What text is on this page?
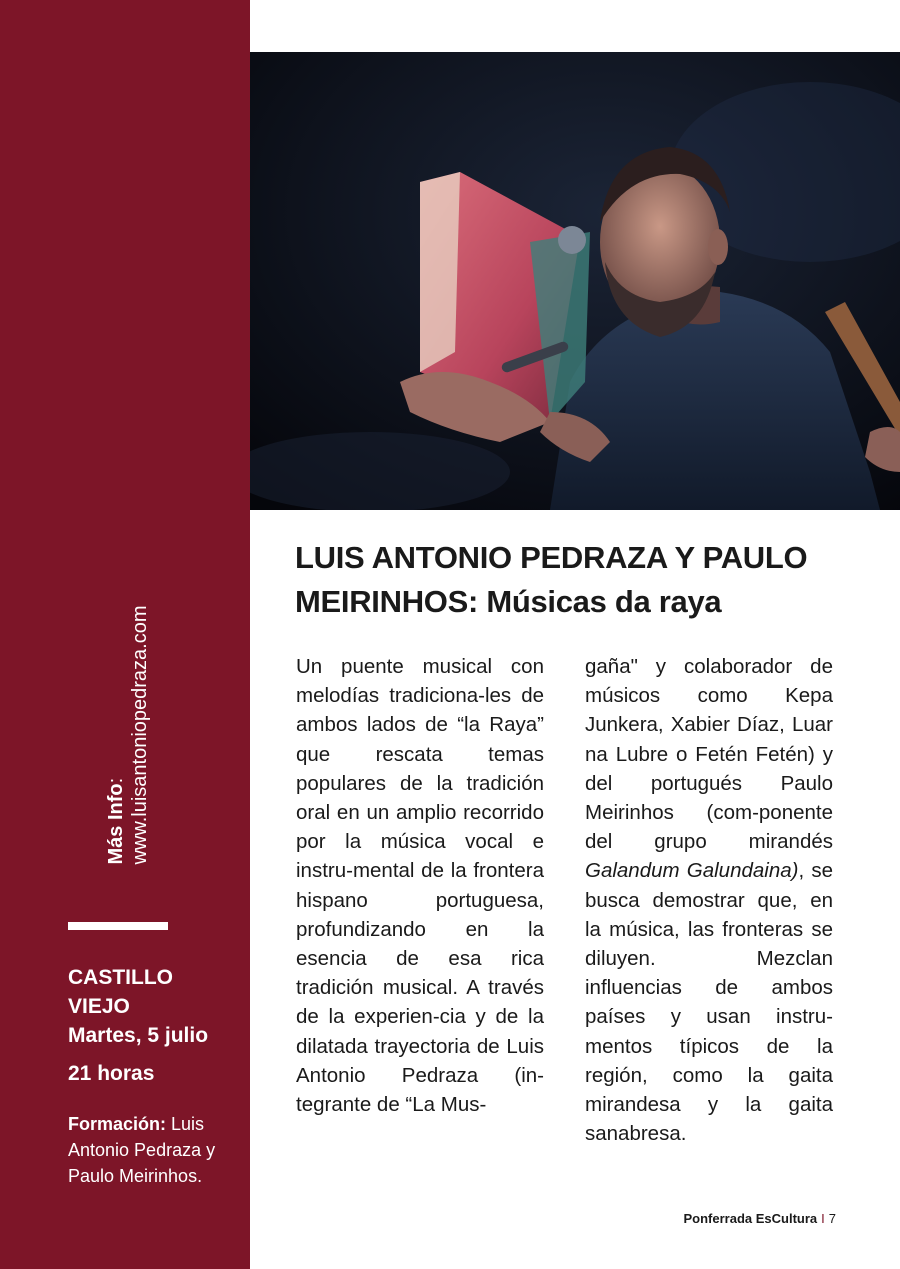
Más Info: www.luisantoniopedraza.com
CASTILLO VIEJO
Martes, 5 julio
21 horas
Formación: Luis Antonio Pedraza y Paulo Meirinhos.
LUIS ANTONIO PEDRAZA Y PAULO
MEIRINHOS: Músicas da raya
Un puente musical con melodías tradiciona-les de ambos lados de “la Raya” que rescata temas populares de la tradición oral en un amplio recorrido por la música vocal e instru-mental de la frontera hispano portuguesa, profundizando en la esencia de esa rica tradición musical. A través de la experien-cia y de la dilatada trayectoria de Luis Antonio Pedraza (in-tegrante de “La Mus-
gaña" y colaborador de músicos como Kepa Junkera, Xabier Díaz, Luar na Lubre o Fetén Fetén) y del portugués Paulo Meirinhos (com-ponente del grupo mirandés Galandum Galundaina), se busca demostrar que, en la música, las fronteras se diluyen. Mezclan influencias de ambos países y usan instru-mentos típicos de la región, como la gaita mirandesa y la gaita sanabresa.
Ponferrada EsCultura I 7
